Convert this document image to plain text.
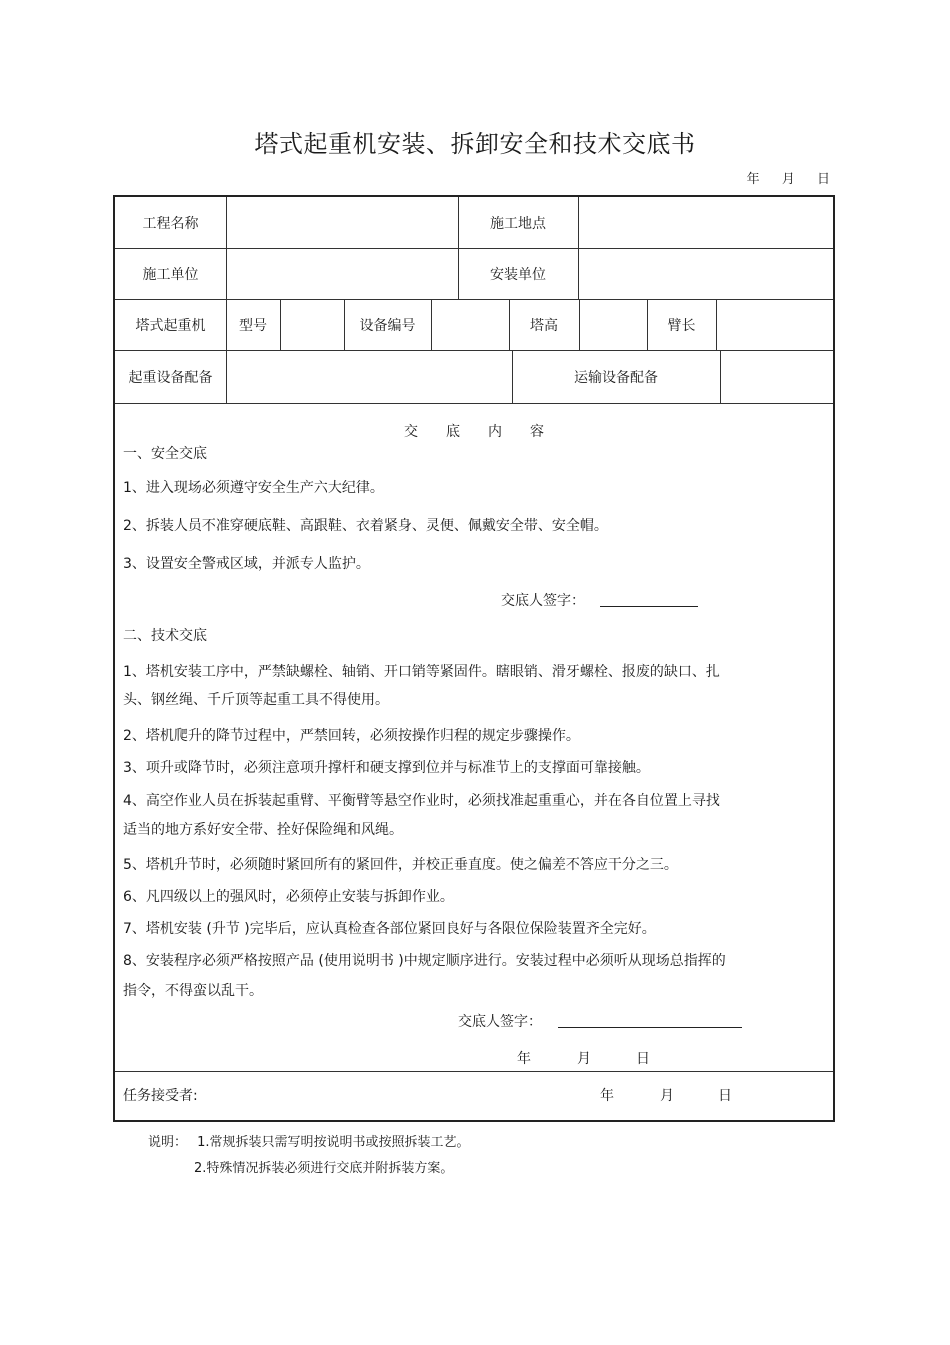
塔式起重机安装、拆卸安全和技术交底书
年 月 日
工程名称	施工地点
施工单位	安装单位
塔式起重机	型号	设备编号	塔高	臂长
起重设备配备	运输设备配备
交底内容
一、安全交底
1、进入现场必须遵守安全生产六大纪律。
2、拆装人员不准穿硬底鞋、高跟鞋、衣着紧身、灵便、佩戴安全带、安全帽。
3、设置安全警戒区域，并派专人监护。
交底人签字：
二、技术交底
1、塔机安装工序中，严禁缺螺栓、轴销、开口销等紧固件。瞎眼销、滑牙螺栓、报废的缺口、扎
头、钢丝绳、千斤顶等起重工具不得使用。
2、塔机爬升的降节过程中，严禁回转，必须按操作归程的规定步骤操作。
3、项升或降节时，必须注意项升撑杆和硬支撑到位并与标准节上的支撑面可靠接触。
4、高空作业人员在拆装起重臂、平衡臂等悬空作业时，必须找准起重重心，并在各自位置上寻找
适当的地方系好安全带、拴好保险绳和风绳。
5、塔机升节时，必须随时紧回所有的紧回件，并校正垂直度。使之偏差不答应干分之三。
6、凡四级以上的强风时，必须停止安装与拆卸作业。
7、塔机安装 (升节 )完毕后，应认真检查各部位紧回良好与各限位保险装置齐全完好。
8、安装程序必须严格按照产品 (使用说明书 )中规定顺序进行。安装过程中必须听从现场总指挥的
指令，不得蛮以乱干。
交底人签字：
年	月	日
任务接受者:	年	月	日
说明： 1.常规拆装只需写明按说明书或按照拆装工艺。
2.特殊情况拆装必须进行交底并附拆装方案。
